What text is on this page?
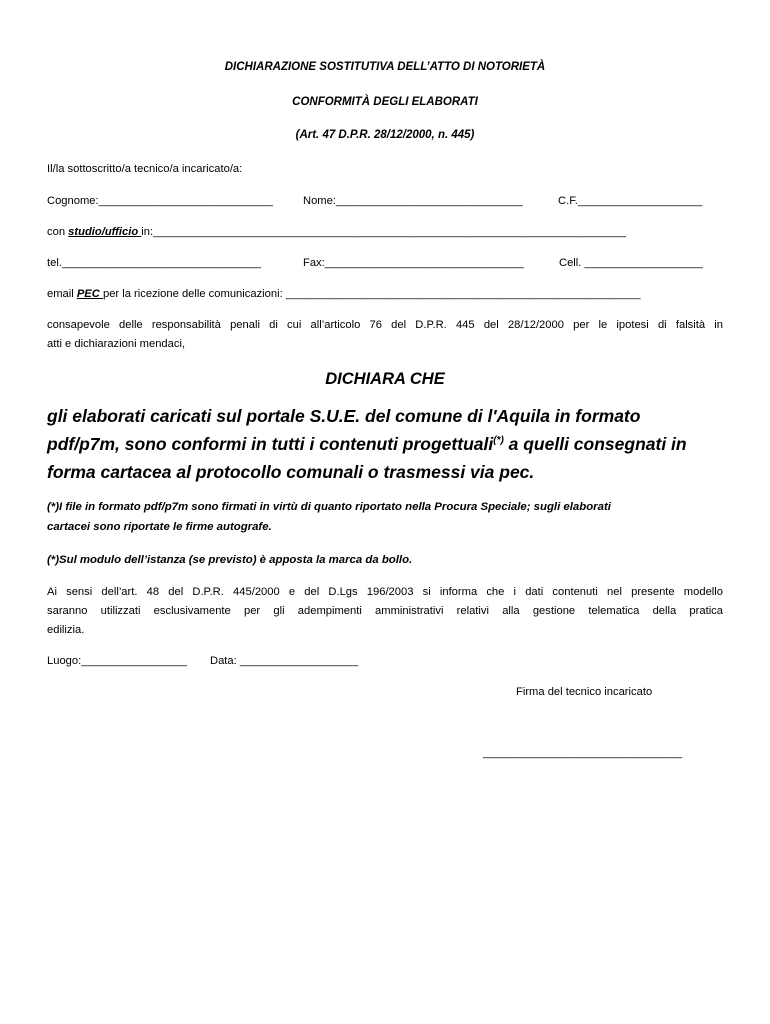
DICHIARAZIONE SOSTITUTIVA DELL’ATTO DI NOTORIETÀ
CONFORMITÀ DEGLI ELABORATI
(Art. 47 D.P.R. 28/12/2000, n. 445)
Il/la sottoscritto/a tecnico/a incaricato/a:
Cognome:____________________________	Nome:______________________________	C.F.____________________
con studio/ufficio in:____________________________________________________________________________
tel.________________________________	Fax:________________________________	Cell. ___________________
email PEC per la ricezione delle comunicazioni: _________________________________________________________
consapevole delle responsabilità penali di cui all’articolo 76 del D.P.R. 445 del 28/12/2000 per le ipotesi di falsità in
atti e dichiarazioni mendaci,
DICHIARA CHE
gli elaborati caricati sul portale S.U.E. del comune di l'Aquila in formato
pdf/p7m, sono conformi in tutti i contenuti progettuali(*) a quelli consegnati in
forma cartacea al protocollo comunali o trasmessi via pec.
(*)I file in formato pdf/p7m sono firmati in virtù di quanto riportato nella Procura Speciale; sugli elaborati
cartacei sono riportate le firme autografe.
(*)Sul modulo dell’istanza (se previsto) è apposta la marca da bollo.
Ai sensi dell’art. 48 del D.P.R. 445/2000 e del D.Lgs 196/2003 si informa che i dati contenuti nel presente modello
saranno utilizzati esclusivamente per gli adempimenti amministrativi relativi alla gestione telematica della pratica
edilizia.
Luogo:_________________ Data: ___________________
Firma del tecnico incaricato
________________________________
